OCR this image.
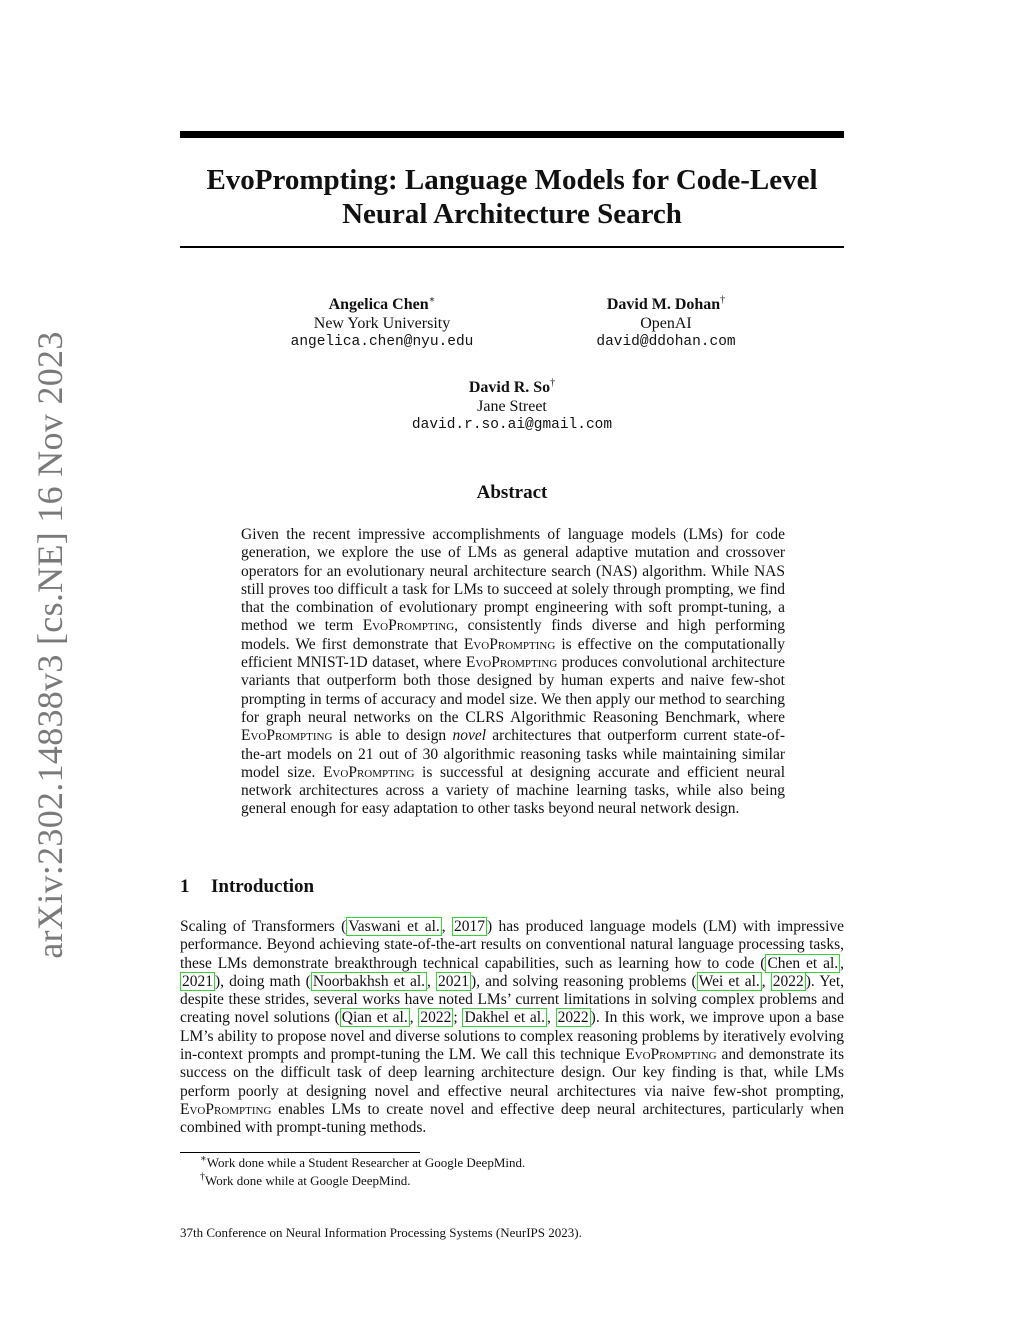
arXiv:2302.14838v3 [cs.NE] 16 Nov 2023
EvoPrompting: Language Models for Code-Level
Neural Architecture Search
Angelica Chen∗
New York University
angelica.chen@nyu.edu
David M. Dohan†
OpenAI
david@ddohan.com
David R. So†
Jane Street
david.r.so.ai@gmail.com
Abstract
Given the recent impressive accomplishments of language models (LMs) for code generation, we explore the use of LMs as general adaptive mutation and crossover operators for an evolutionary neural architecture search (NAS) algorithm. While NAS still proves too difficult a task for LMs to succeed at solely through prompting, we find that the combination of evolutionary prompt engineering with soft prompt-tuning, a method we term EvoPrompting, consistently finds diverse and high performing models. We first demonstrate that EvoPrompting is effective on the computationally efficient MNIST-1D dataset, where EvoPrompting produces convolutional architecture variants that outperform both those designed by human experts and naive few-shot prompting in terms of accuracy and model size. We then apply our method to searching for graph neural networks on the CLRS Algorithmic Reasoning Benchmark, where EvoPrompting is able to design novel architectures that outperform current state-of-the-art models on 21 out of 30 algorithmic reasoning tasks while maintaining similar model size. EvoPrompting is successful at designing accurate and efficient neural network architectures across a variety of machine learning tasks, while also being general enough for easy adaptation to other tasks beyond neural network design.
1 Introduction
Scaling of Transformers ( Vaswani et al. , 2017 ) has produced language models (LM) with impressive performance. Beyond achieving state-of-the-art results on conventional natural language processing tasks, these LMs demonstrate breakthrough technical capabilities, such as learning how to code ( Chen et al. , 2021 ), doing math ( Noorbakhsh et al. , 2021 ), and solving reasoning problems ( Wei et al. , 2022 ). Yet, despite these strides, several works have noted LMs’ current limitations in solving complex problems and creating novel solutions ( Qian et al. , 2022 ; Dakhel et al. , 2022 ). In this work, we improve upon a base LM’s ability to propose novel and diverse solutions to complex reasoning problems by iteratively evolving in-context prompts and prompt-tuning the LM. We call this technique EvoPrompting and demonstrate its success on the difficult task of deep learning architecture design. Our key finding is that, while LMs perform poorly at designing novel and effective neural architectures via naive few-shot prompting, EvoPrompting enables LMs to create novel and effective deep neural architectures, particularly when combined with prompt-tuning methods.
∗Work done while a Student Researcher at Google DeepMind.
†Work done while at Google DeepMind.
37th Conference on Neural Information Processing Systems (NeurIPS 2023).
